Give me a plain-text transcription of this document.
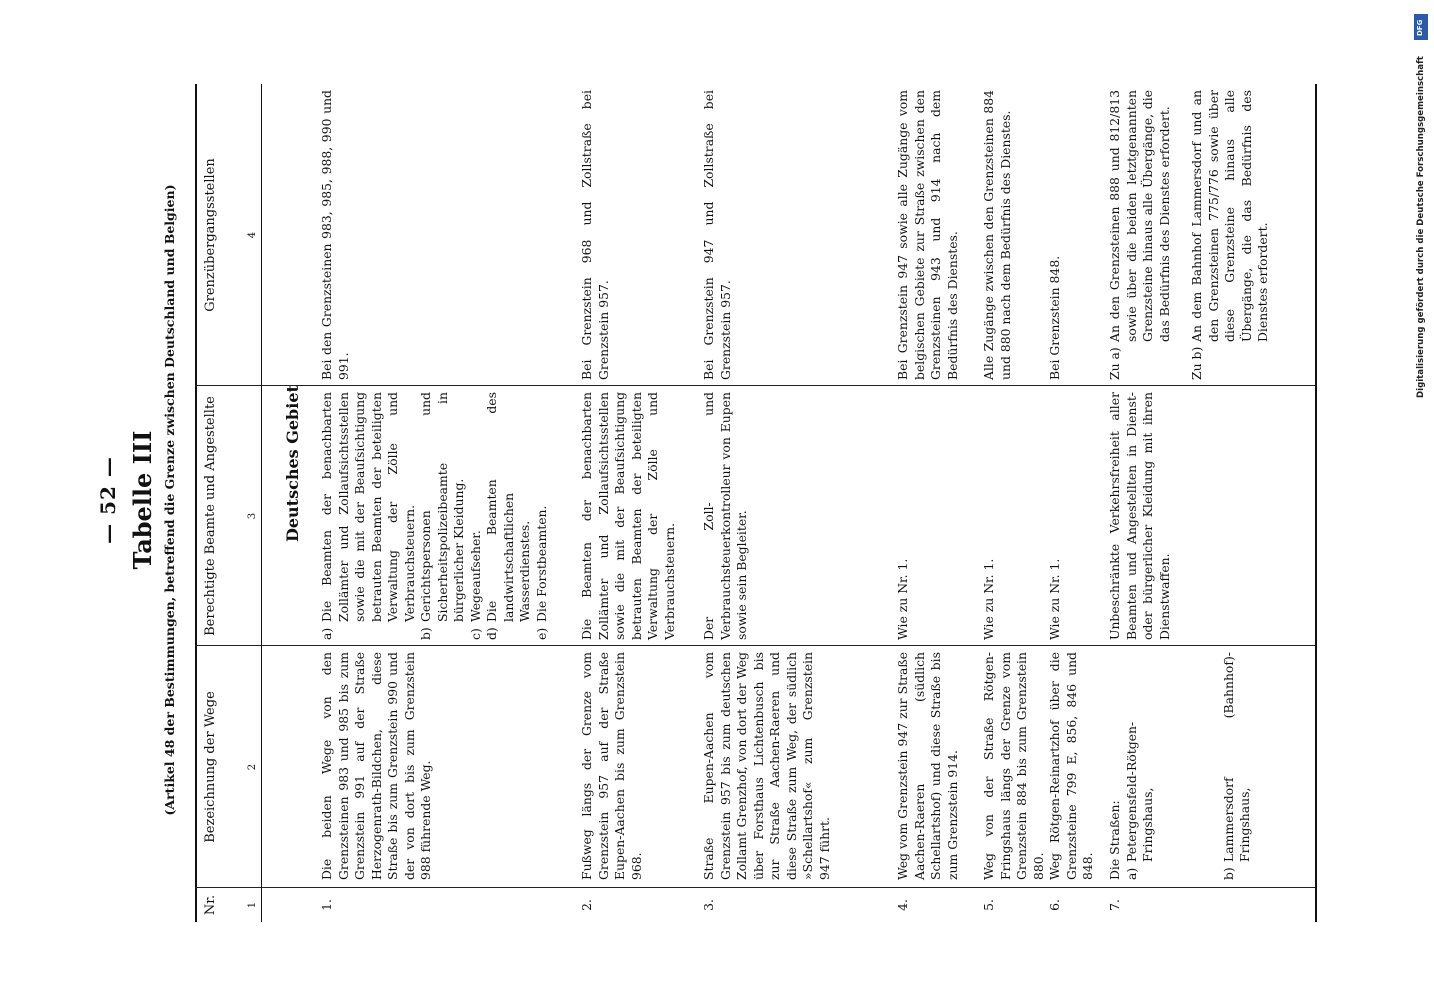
— 52 — Tabelle III (Artikel 48 der Bestimmungen, betreffend die Grenze zwischen Deutschland und Belgien)
Nr.
Bezeichnung der Wege
Berechtigte Beamte und Angestellte
Grenzübergangsstellen
1
2
3
4
Deutsches Gebiet
1.
Die beiden Wege von den Grenzsteinen 983 und 985 bis zum Grenzstein 991 auf der Straße Herzogenrath-Bildchen, diese Straße bis zum Grenzstein 990 und der von dort bis zum Grenzstein 988 führende Weg.
a)
Die Beamten der benachbarten Zollämter und Zollaufsichtsstellen sowie die mit der Beaufsichtigung betrauten Beamten der beteiligten Verwaltung der Zölle und Verbrauchsteuern.
b)
Gerichtspersonen und Sicherheitspolizeibeamte in bürgerlicher Kleidung.
c)
Wegeaufseher.
d)
Die Beamten des landwirtschaftlichen Wasserdienstes.
e)
Die Forstbeamten.
Bei den Grenzsteinen 983, 985, 988, 990 und 991.
2.
Fußweg längs der Grenze vom Grenzstein 957 auf der Straße Eupen-Aachen bis zum Grenzstein 968.
Die Beamten der benachbarten Zollämter und Zollaufsichtsstellen sowie die mit der Beaufsichtigung betrauten Beamten der beteiligten Verwaltung der Zölle und Verbrauchsteuern.
Bei Grenzstein 968 und Zollstraße bei Grenzstein 957.
3.
Straße Eupen-Aachen vom Grenzstein 957 bis zum deutschen Zollamt Grenzhof, von dort der Weg über Forsthaus Lichtenbusch bis zur Straße Aachen-Raeren und diese Straße zum Weg, der südlich »Schellartshof« zum Grenzstein 947 führt.
Der Zoll- und Verbrauchsteuerkontrolleur von Eupen sowie sein Begleiter.
Bei Grenzstein 947 und Zollstraße bei Grenzstein 957.
4.
Weg vom Grenzstein 947 zur Straße Aachen-Raeren (südlich Schellartshof) und diese Straße bis zum Grenzstein 914.
Wie zu Nr. 1.
Bei Grenzstein 947 sowie alle Zugänge vom belgischen Gebiete zur Straße zwischen den Grenzsteinen 943 und 914 nach dem Bedürfnis des Dienstes.
5.
Weg von der Straße Rötgen-Fringshaus längs der Grenze vom Grenzstein 884 bis zum Grenzstein 880.
Wie zu Nr. 1.
Alle Zugänge zwischen den Grenzsteinen 884 und 880 nach dem Bedürfnis des Dienstes.
6.
Weg Rötgen-Reinartzhof über die Grenzsteine 799 E, 856, 846 und 848.
Wie zu Nr. 1.
Bei Grenzstein 848.
7.
Die Straßen: a)
Petergensfeld-Rötgen-Fringshaus,
b)
Lammersdorf (Bahnhof)-Fringshaus,
Unbeschränkte Verkehrsfreiheit aller Beamten und Angestellten in Dienst- oder bürgerlicher Kleidung mit ihren Dienstwaffen.
Zu a)
An den Grenzsteinen 888 und 812/813 sowie über die beiden letztgenannten Grenzsteine hinaus alle Übergänge, die das Bedürfnis des Dienstes erfordert.
Zu b)
An dem Bahnhof Lammersdorf und an den Grenzsteinen 775/776 sowie über diese Grenzsteine hinaus alle Übergänge, die das Bedürfnis des Dienstes erfordert.
DFG
Digitalisierung gefördert durch die Deutsche Forschungsgemeinschaft
